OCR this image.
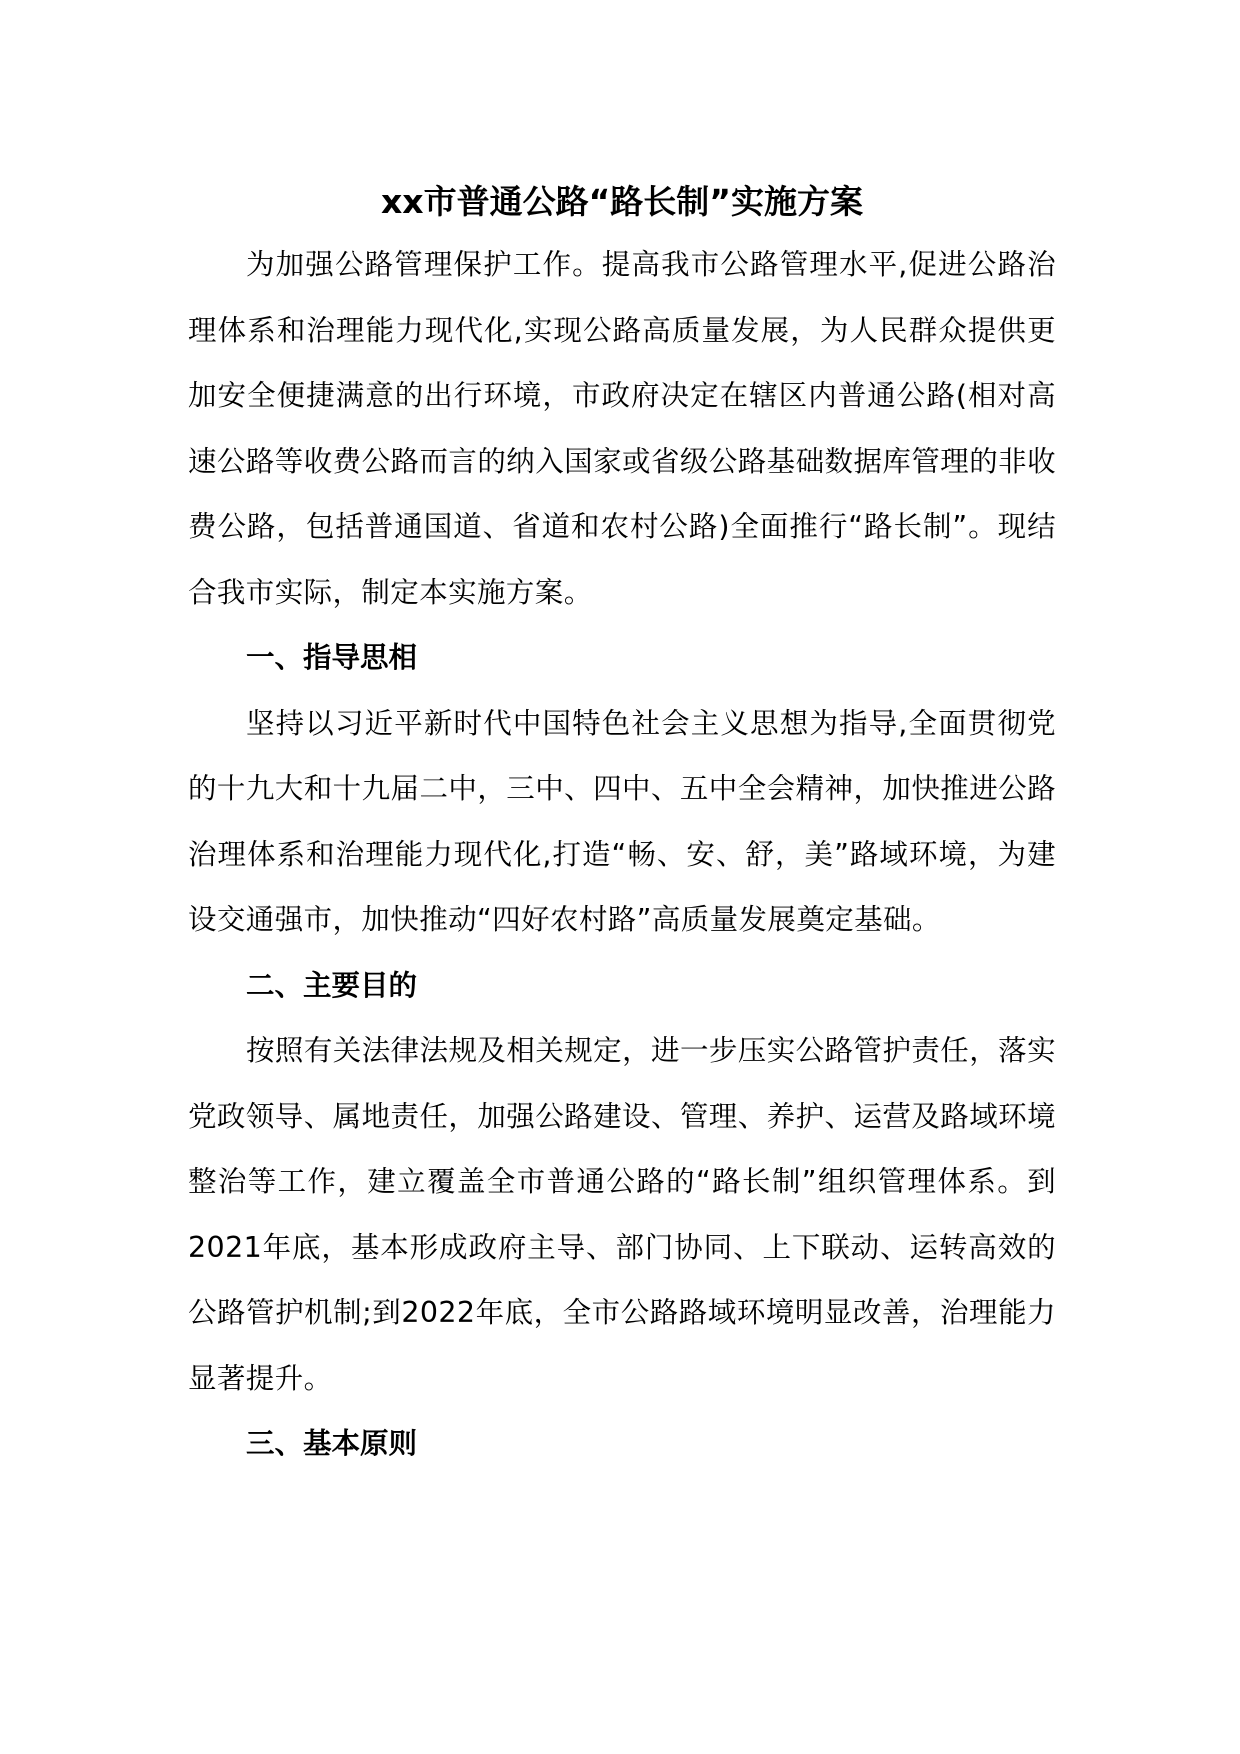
xx市普通公路“路长制”实施方案

为加强公路管理保护工作。提高我市公路管理水平,促进公路治理体系和治理能力现代化,实现公路高质量发展，为人民群众提供更加安全便捷满意的出行环境，市政府决定在辖区内普通公路(相对高速公路等收费公路而言的纳入国家或省级公路基础数据库管理的非收费公路，包括普通国道、省道和农村公路)全面推行“路长制”。现结合我市实际，制定本实施方案。

一、指导思相

坚持以习近平新时代中国特色社会主义思想为指导,全面贯彻党的十九大和十九届二中，三中、四中、五中全会精神，加快推进公路治理体系和治理能力现代化,打造“畅、安、舒，美”路域环境，为建设交通强市，加快推动“四好农村路”高质量发展奠定基础。

二、主要目的

按照有关法律法规及相关规定，进一步压实公路管护责任，落实党政领导、属地责任，加强公路建设、管理、养护、运营及路域环境整治等工作，建立覆盖全市普通公路的“路长制”组织管理体系。到2021年底，基本形成政府主导、部门协同、上下联动、运转高效的公路管护机制;到2022年底，全市公路路域环境明显改善，治理能力显著提升。

三、基本原则
